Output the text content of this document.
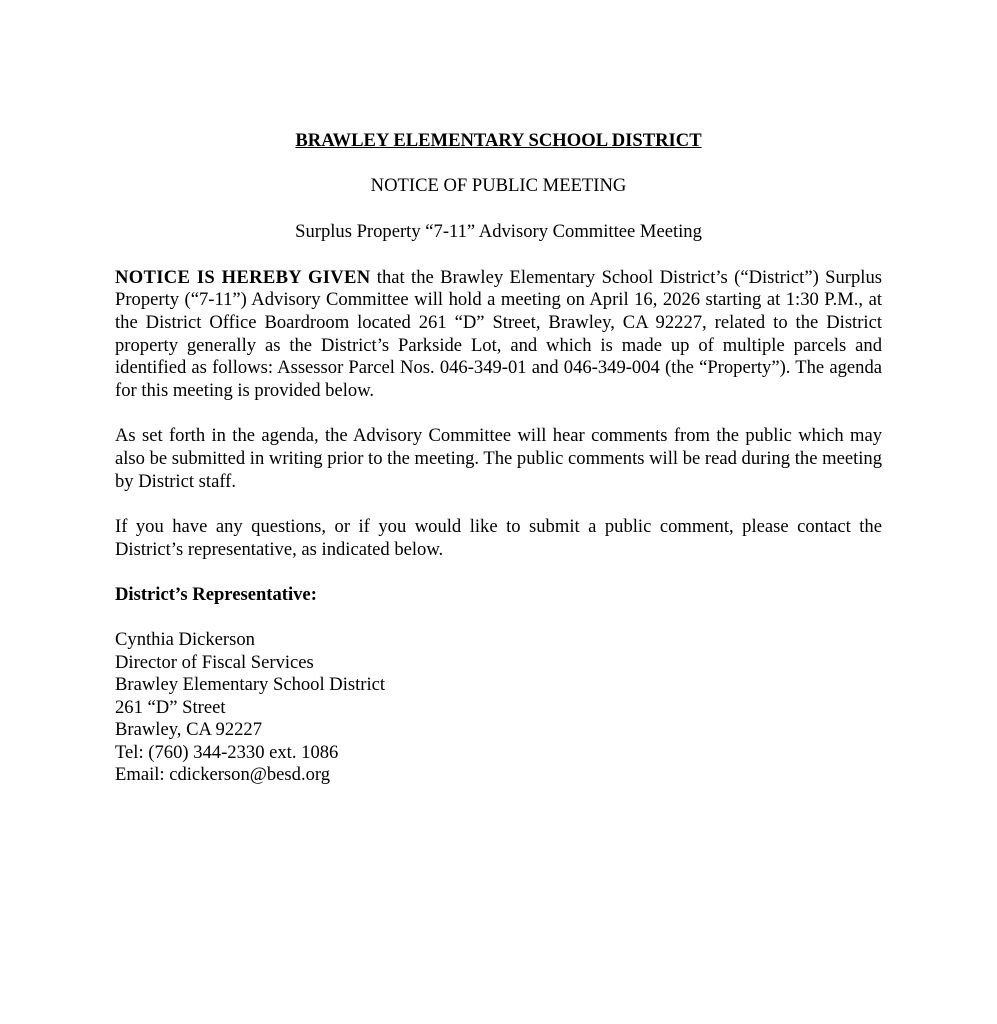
BRAWLEY ELEMENTARY SCHOOL DISTRICT
NOTICE OF PUBLIC MEETING
Surplus Property “7-11” Advisory Committee Meeting

NOTICE IS HEREBY GIVEN that the Brawley Elementary School District’s (“District”) Surplus Property (“7-11”) Advisory Committee will hold a meeting on April 16, 2026 starting at 1:30 P.M., at the District Office Boardroom located 261 “D” Street, Brawley, CA 92227, related to the District property generally as the District’s Parkside Lot, and which is made up of multiple parcels and identified as follows: Assessor Parcel Nos. 046-349-01 and 046-349-004 (the “Property”). The agenda for this meeting is provided below.

As set forth in the agenda, the Advisory Committee will hear comments from the public which may also be submitted in writing prior to the meeting. The public comments will be read during the meeting by District staff.

If you have any questions, or if you would like to submit a public comment, please contact the District’s representative, as indicated below.

District’s Representative:
Cynthia Dickerson
Director of Fiscal Services
Brawley Elementary School District
261 “D” Street
Brawley, CA 92227
Tel: (760) 344-2330 ext. 1086
Email: cdickerson@besd.org
